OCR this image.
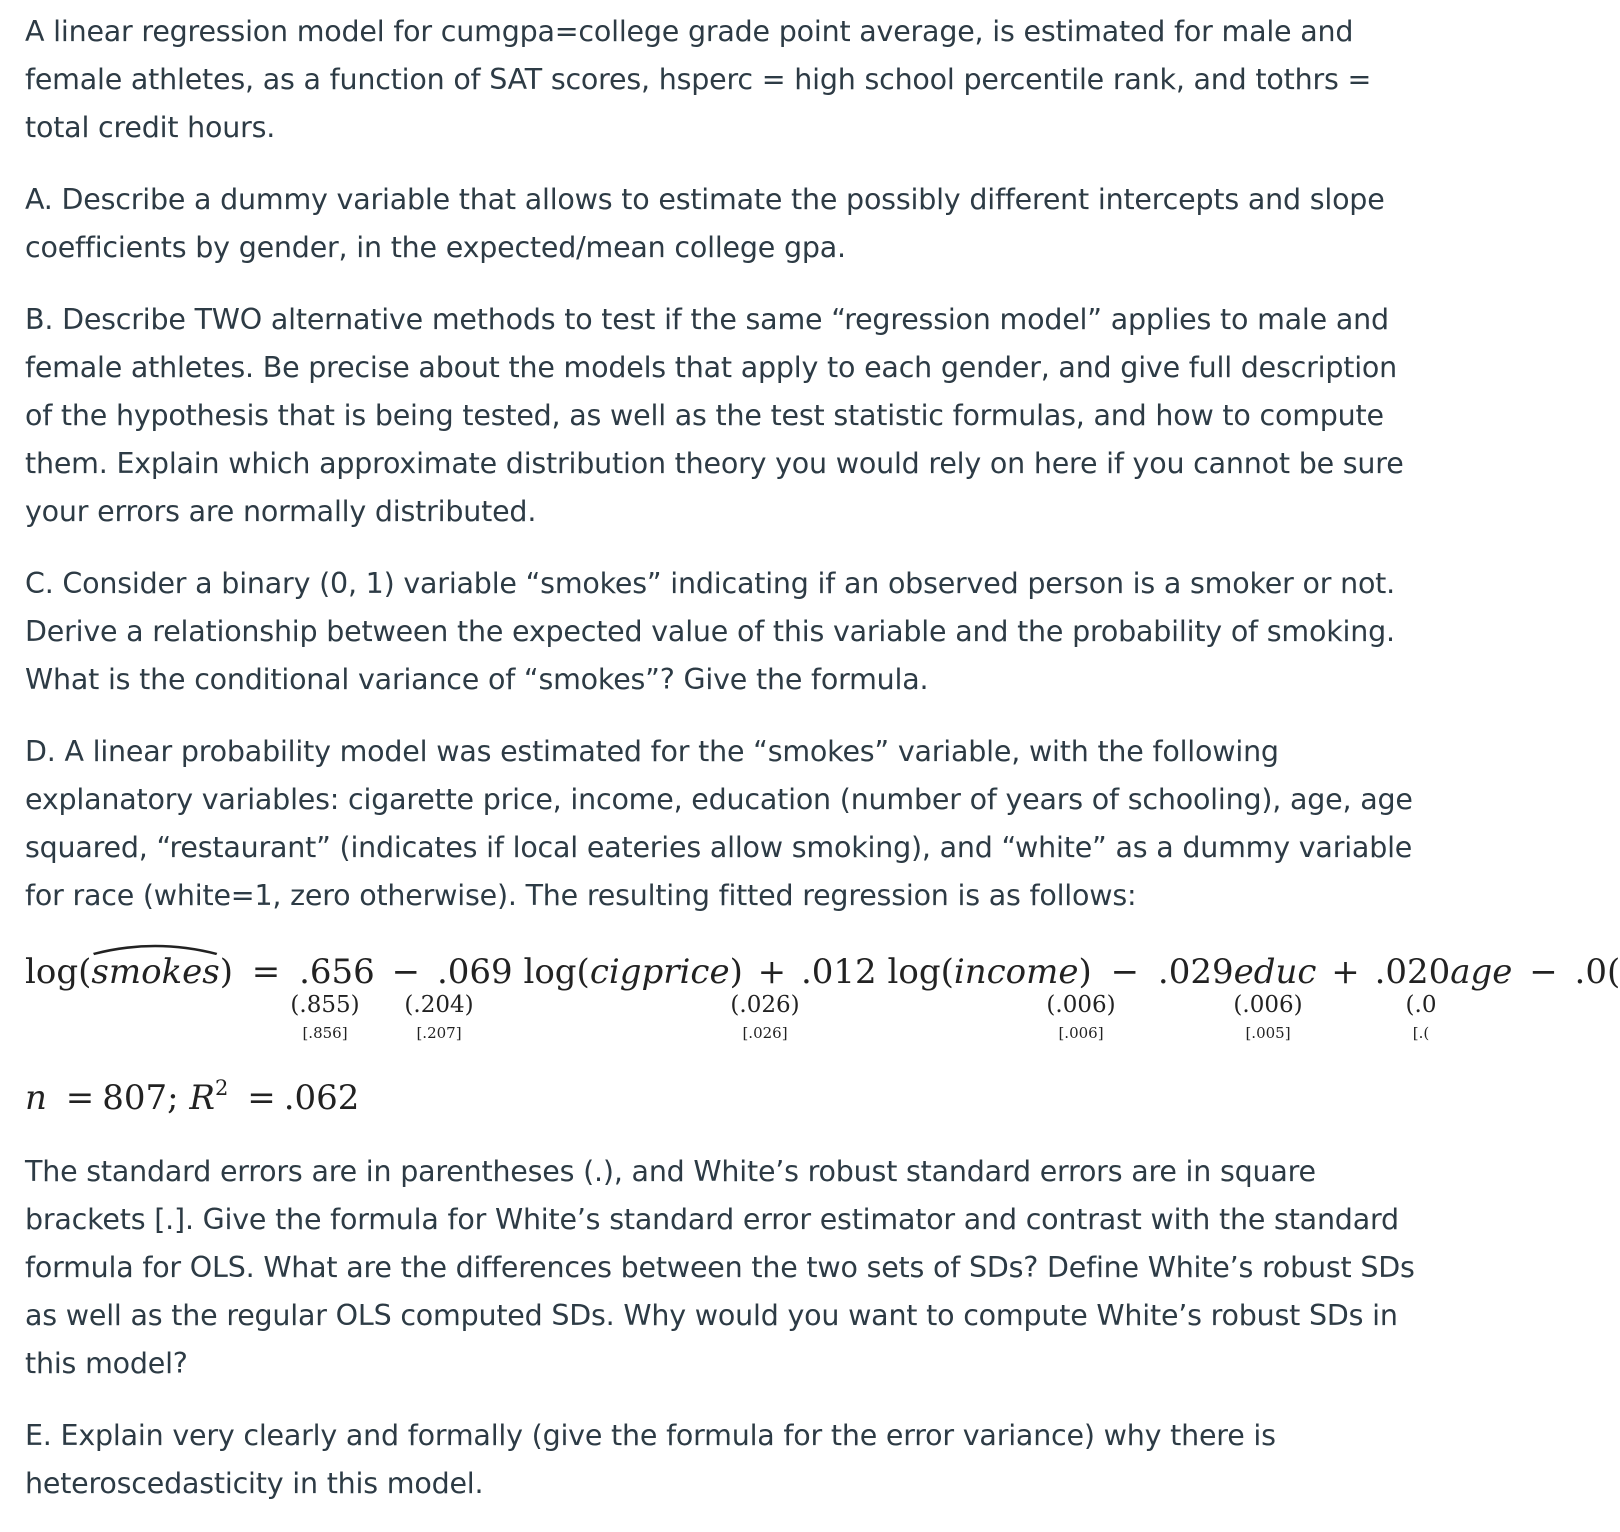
A linear regression model for cumgpa=college grade point average, is estimated for male and female athletes, as a function of SAT scores, hsperc = high school percentile rank, and tothrs = total credit hours.

A. Describe a dummy variable that allows to estimate the possibly different intercepts and slope coefficients by gender, in the expected/mean college gpa.

B. Describe TWO alternative methods to test if the same “regression model” applies to male and female athletes. Be precise about the models that apply to each gender, and give full description of the hypothesis that is being tested, as well as the test statistic formulas, and how to compute them. Explain which approximate distribution theory you would rely on here if you cannot be sure your errors are normally distributed.

C. Consider a binary (0, 1) variable “smokes” indicating if an observed person is a smoker or not. Derive a relationship between the expected value of this variable and the probability of smoking. What is the conditional variance of “smokes”? Give the formula.

D. A linear probability model was estimated for the “smokes” variable, with the following explanatory variables: cigarette price, income, education (number of years of schooling), age, age squared, “restaurant” (indicates if local eateries allow smoking), and “white” as a dummy variable for race (white=1, zero otherwise). The resulting fitted regression is as follows:

log(smokes
) = .656 − .069 log(cigprice) + .012 log(income) − .029educ + .020age − .0(
(.855)
[.856]
(.204)
[.207]
(.026)
[.026]
(.006)
[.006]
(.006)
[.005]
(.0
[.(
n = 807; $R^2 = .062$

The standard errors are in parentheses (.), and White’s robust standard errors are in square brackets [.]. Give the formula for White’s standard error estimator and contrast with the standard formula for OLS. What are the differences between the two sets of SDs? Define White’s robust SDs as well as the regular OLS computed SDs. Why would you want to compute White’s robust SDs in this model?

E. Explain very clearly and formally (give the formula for the error variance) why there is heteroscedasticity in this model.
